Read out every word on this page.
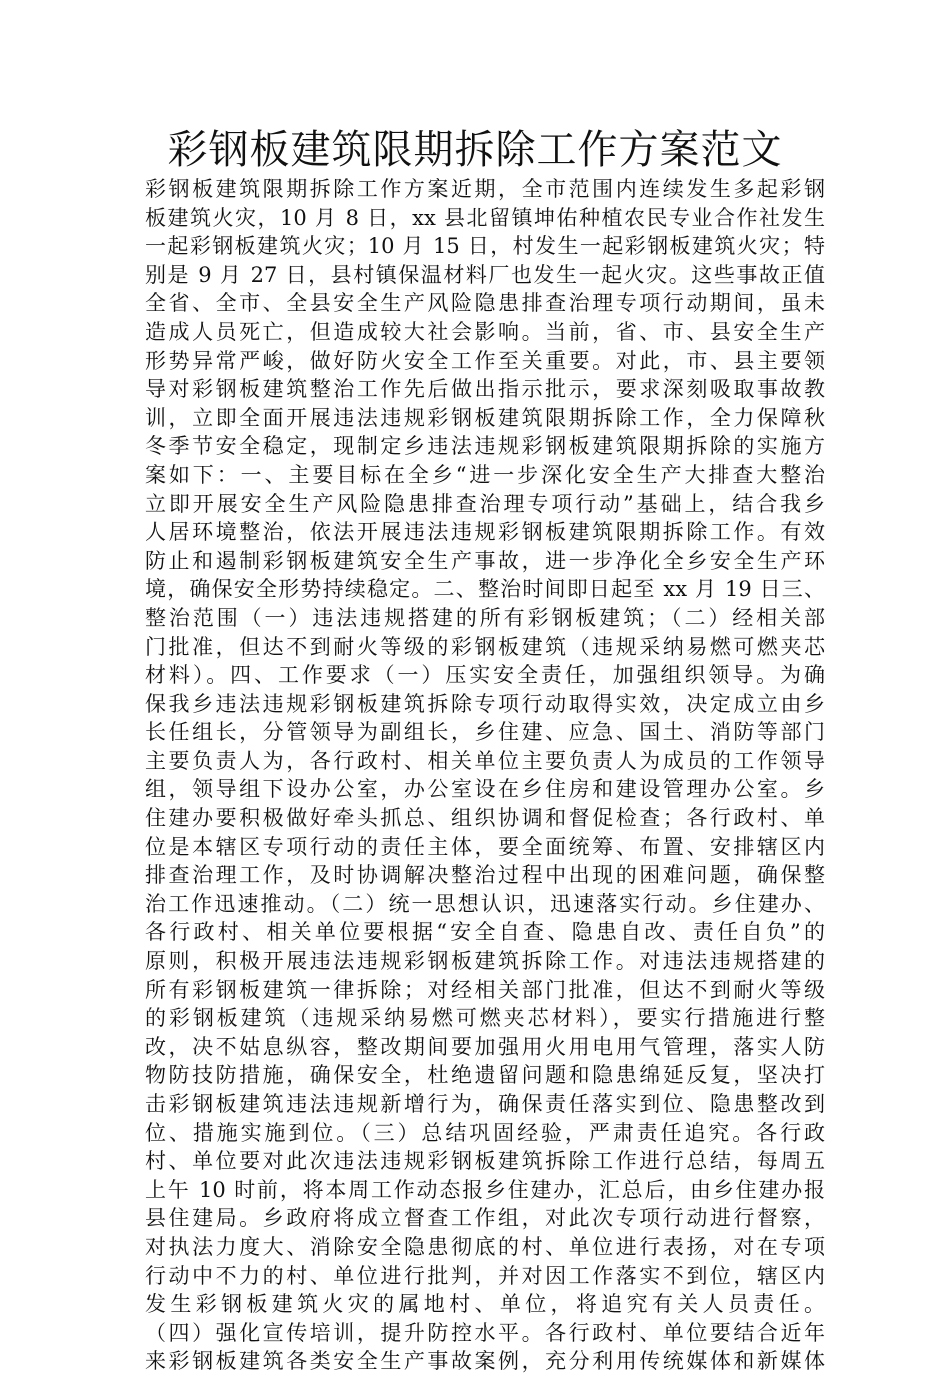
彩钢板建筑限期拆除工作方案范文
彩钢板建筑限期拆除工作方案近期，全市范围内连续发生多起彩钢
板建筑火灾，10 月 8 日，xx 县北留镇坤佑种植农民专业合作社发生
一起彩钢板建筑火灾；10 月 15 日，村发生一起彩钢板建筑火灾；特
别是 9 月 27 日，县村镇保温材料厂也发生一起火灾。这些事故正值
全省、全市、全县安全生产风险隐患排查治理专项行动期间，虽未
造成人员死亡，但造成较大社会影响。当前，省、市、县安全生产
形势异常严峻，做好防火安全工作至关重要。对此，市、县主要领
导对彩钢板建筑整治工作先后做出指示批示，要求深刻吸取事故教
训，立即全面开展违法违规彩钢板建筑限期拆除工作，全力保障秋
冬季节安全稳定，现制定乡违法违规彩钢板建筑限期拆除的实施方
案如下：一、主要目标在全乡“进一步深化安全生产大排查大整治
立即开展安全生产风险隐患排查治理专项行动”基础上，结合我乡
人居环境整治，依法开展违法违规彩钢板建筑限期拆除工作。有效
防止和遏制彩钢板建筑安全生产事故，进一步净化全乡安全生产环
境，确保安全形势持续稳定。二、整治时间即日起至 xx 月 19 日三、
整治范围（一）违法违规搭建的所有彩钢板建筑；（二）经相关部
门批准，但达不到耐火等级的彩钢板建筑（违规采纳易燃可燃夹芯
材料）。四、工作要求（一）压实安全责任，加强组织领导。为确
保我乡违法违规彩钢板建筑拆除专项行动取得实效，决定成立由乡
长任组长，分管领导为副组长，乡住建、应急、国土、消防等部门
主要负责人为，各行政村、相关单位主要负责人为成员的工作领导
组，领导组下设办公室，办公室设在乡住房和建设管理办公室。乡
住建办要积极做好牵头抓总、组织协调和督促检查；各行政村、单
位是本辖区专项行动的责任主体，要全面统筹、布置、安排辖区内
排查治理工作，及时协调解决整治过程中出现的困难问题，确保整
治工作迅速推动。（二）统一思想认识，迅速落实行动。乡住建办、
各行政村、相关单位要根据“安全自查、隐患自改、责任自负”的
原则，积极开展违法违规彩钢板建筑拆除工作。对违法违规搭建的
所有彩钢板建筑一律拆除；对经相关部门批准，但达不到耐火等级
的彩钢板建筑（违规采纳易燃可燃夹芯材料），要实行措施进行整
改，决不姑息纵容，整改期间要加强用火用电用气管理，落实人防
物防技防措施，确保安全，杜绝遗留问题和隐患绵延反复，坚决打
击彩钢板建筑违法违规新增行为，确保责任落实到位、隐患整改到
位、措施实施到位。（三）总结巩固经验，严肃责任追究。各行政
村、单位要对此次违法违规彩钢板建筑拆除工作进行总结，每周五
上午 10 时前，将本周工作动态报乡住建办，汇总后，由乡住建办报
县住建局。乡政府将成立督查工作组，对此次专项行动进行督察，
对执法力度大、消除安全隐患彻底的村、单位进行表扬，对在专项
行动中不力的村、单位进行批判，并对因工作落实不到位，辖区内
发生彩钢板建筑火灾的属地村、单位，将追究有关人员责任。
（四）强化宣传培训，提升防控水平。各行政村、单位要结合近年
来彩钢板建筑各类安全生产事故案例，充分利用传统媒体和新媒体
